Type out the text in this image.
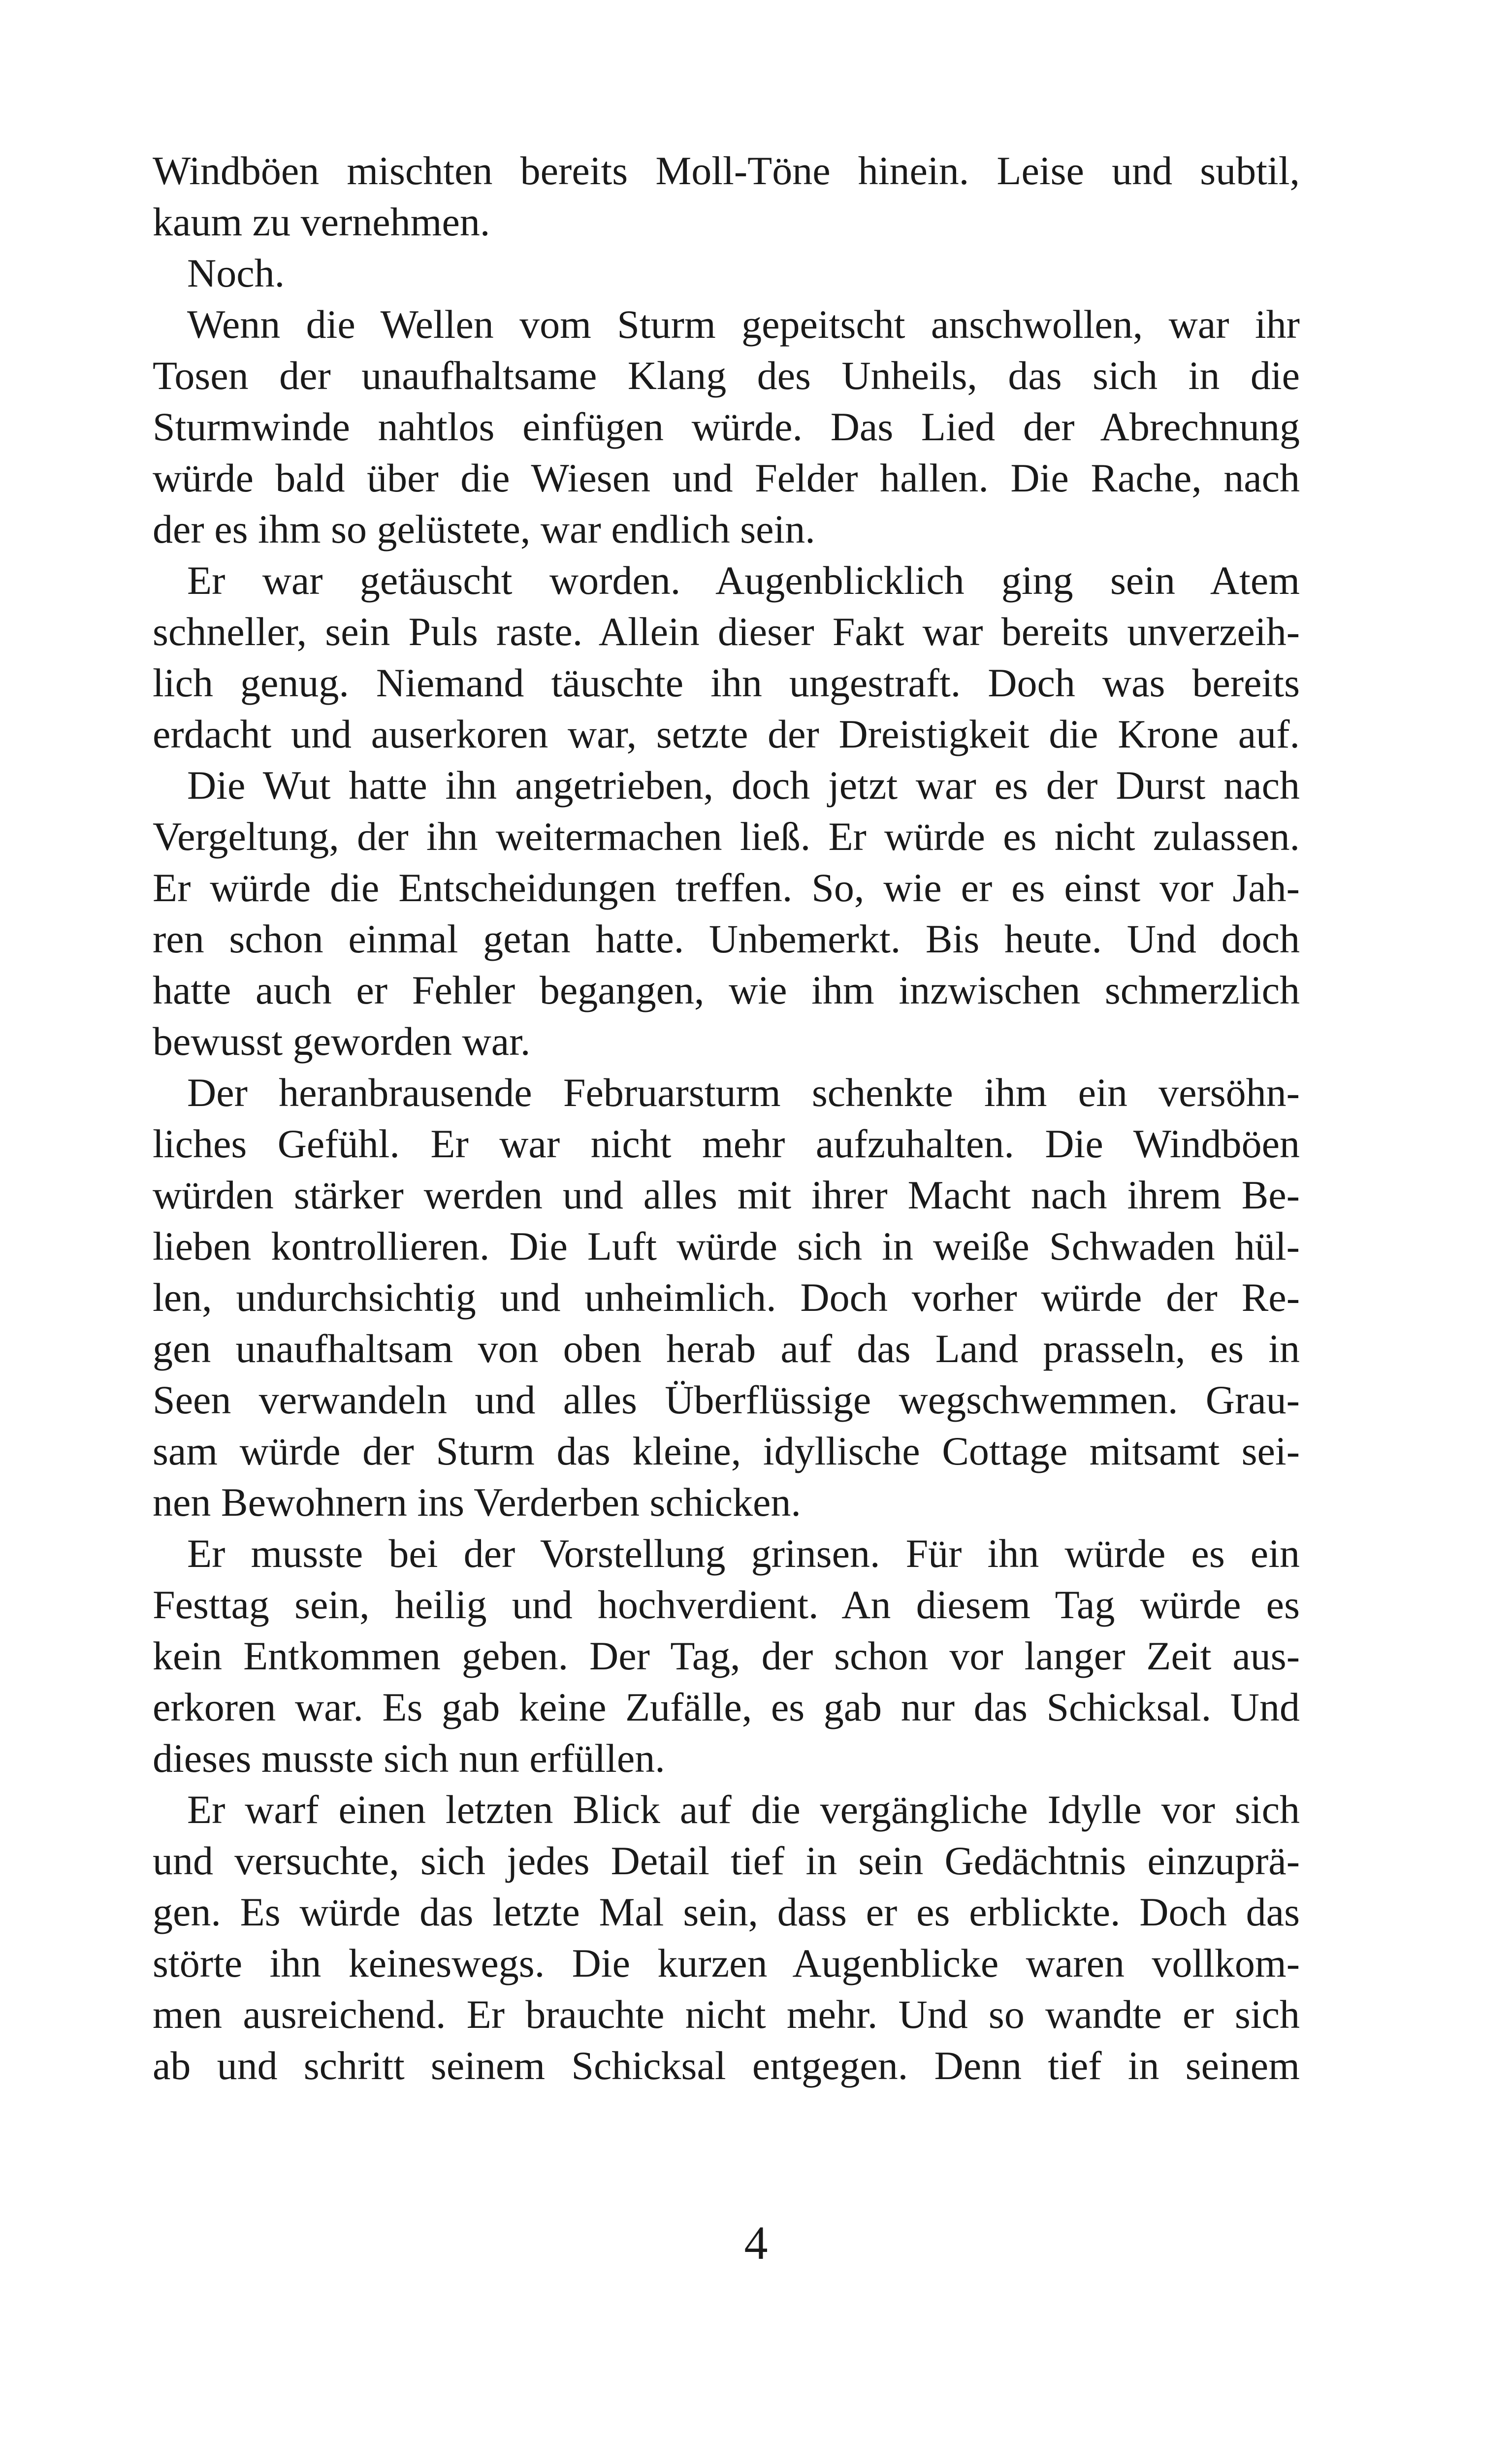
Windböen mischten bereits Moll-Töne hinein. Leise und subtil,
kaum zu vernehmen.
Noch.
Wenn die Wellen vom Sturm gepeitscht anschwollen, war ihr
Tosen der unaufhaltsame Klang des Unheils, das sich in die
Sturmwinde nahtlos einfügen würde. Das Lied der Abrechnung
würde bald über die Wiesen und Felder hallen. Die Rache, nach
der es ihm so gelüstete, war endlich sein.
Er war getäuscht worden. Augenblicklich ging sein Atem
schneller, sein Puls raste. Allein dieser Fakt war bereits unverzeih-
lich genug. Niemand täuschte ihn ungestraft. Doch was bereits
erdacht und auserkoren war, setzte der Dreistigkeit die Krone auf.
Die Wut hatte ihn angetrieben, doch jetzt war es der Durst nach
Vergeltung, der ihn weitermachen ließ. Er würde es nicht zulassen.
Er würde die Entscheidungen treffen. So, wie er es einst vor Jah-
ren schon einmal getan hatte. Unbemerkt. Bis heute. Und doch
hatte auch er Fehler begangen, wie ihm inzwischen schmerzlich
bewusst geworden war.
Der heranbrausende Februarsturm schenkte ihm ein versöhn-
liches Gefühl. Er war nicht mehr aufzuhalten. Die Windböen
würden stärker werden und alles mit ihrer Macht nach ihrem Be-
lieben kontrollieren. Die Luft würde sich in weiße Schwaden hül-
len, undurchsichtig und unheimlich. Doch vorher würde der Re-
gen unaufhaltsam von oben herab auf das Land prasseln, es in
Seen verwandeln und alles Überflüssige wegschwemmen. Grau-
sam würde der Sturm das kleine, idyllische Cottage mitsamt sei-
nen Bewohnern ins Verderben schicken.
Er musste bei der Vorstellung grinsen. Für ihn würde es ein
Festtag sein, heilig und hochverdient. An diesem Tag würde es
kein Entkommen geben. Der Tag, der schon vor langer Zeit aus-
erkoren war. Es gab keine Zufälle, es gab nur das Schicksal. Und
dieses musste sich nun erfüllen.
Er warf einen letzten Blick auf die vergängliche Idylle vor sich
und versuchte, sich jedes Detail tief in sein Gedächtnis einzuprä-
gen. Es würde das letzte Mal sein, dass er es erblickte. Doch das
störte ihn keineswegs. Die kurzen Augenblicke waren vollkom-
men ausreichend. Er brauchte nicht mehr. Und so wandte er sich
ab und schritt seinem Schicksal entgegen. Denn tief in seinem
4
